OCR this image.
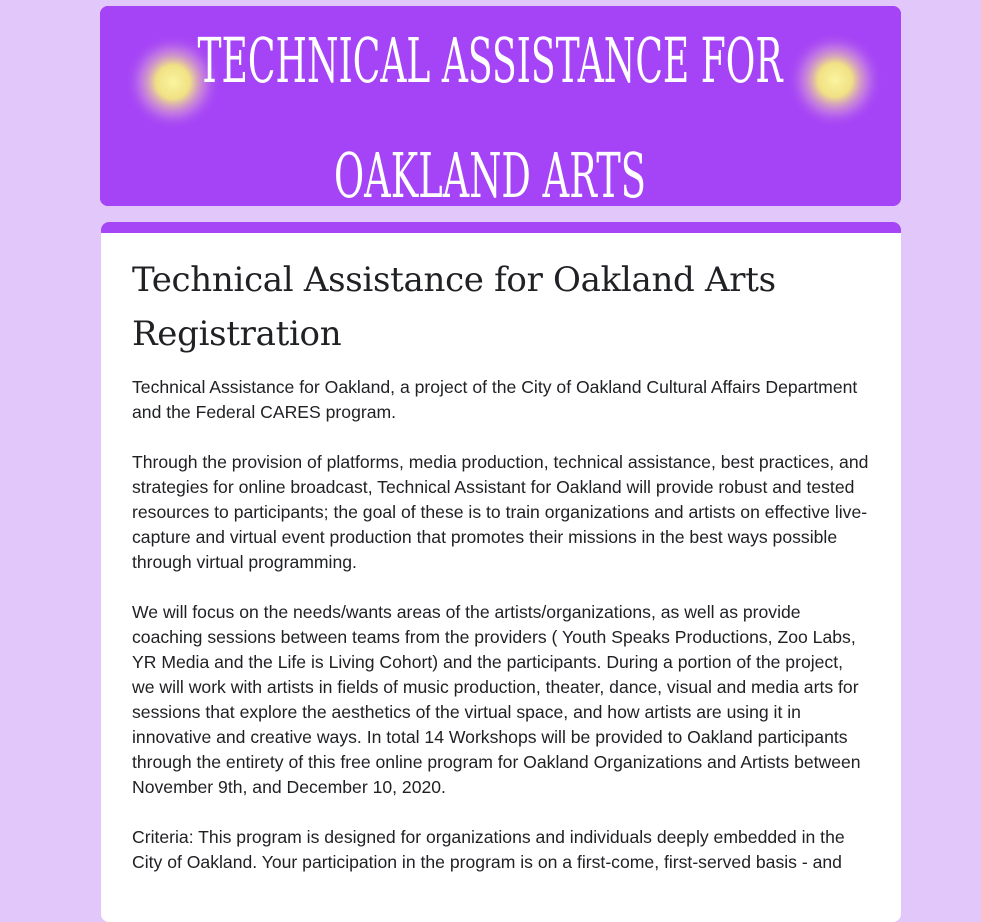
TECHNICAL ASSISTANCE FOR
OAKLAND ARTS
Technical Assistance for Oakland Arts Registration

Technical Assistance for Oakland, a project of the City of Oakland Cultural Affairs Department and the Federal CARES program.

Through the provision of platforms, media production, technical assistance, best practices, and strategies for online broadcast, Technical Assistant for Oakland will provide robust and tested resources to participants; the goal of these is to train organizations and artists on effective live-capture and virtual event production that promotes their missions in the best ways possible through virtual programming.

We will focus on the needs/wants areas of the artists/organizations, as well as provide coaching sessions between teams from the providers ( Youth Speaks Productions, Zoo Labs, YR Media and the Life is Living Cohort) and the participants. During a portion of the project, we will work with artists in fields of music production, theater, dance, visual and media arts for sessions that explore the aesthetics of the virtual space, and how artists are using it in innovative and creative ways. In total 14 Workshops will be provided to Oakland participants through the entirety of this free online program for Oakland Organizations and Artists between November 9th, and December 10, 2020.

Criteria: This program is designed for organizations and individuals deeply embedded in the City of Oakland. Your participation in the program is on a first-come, first-served basis - and
